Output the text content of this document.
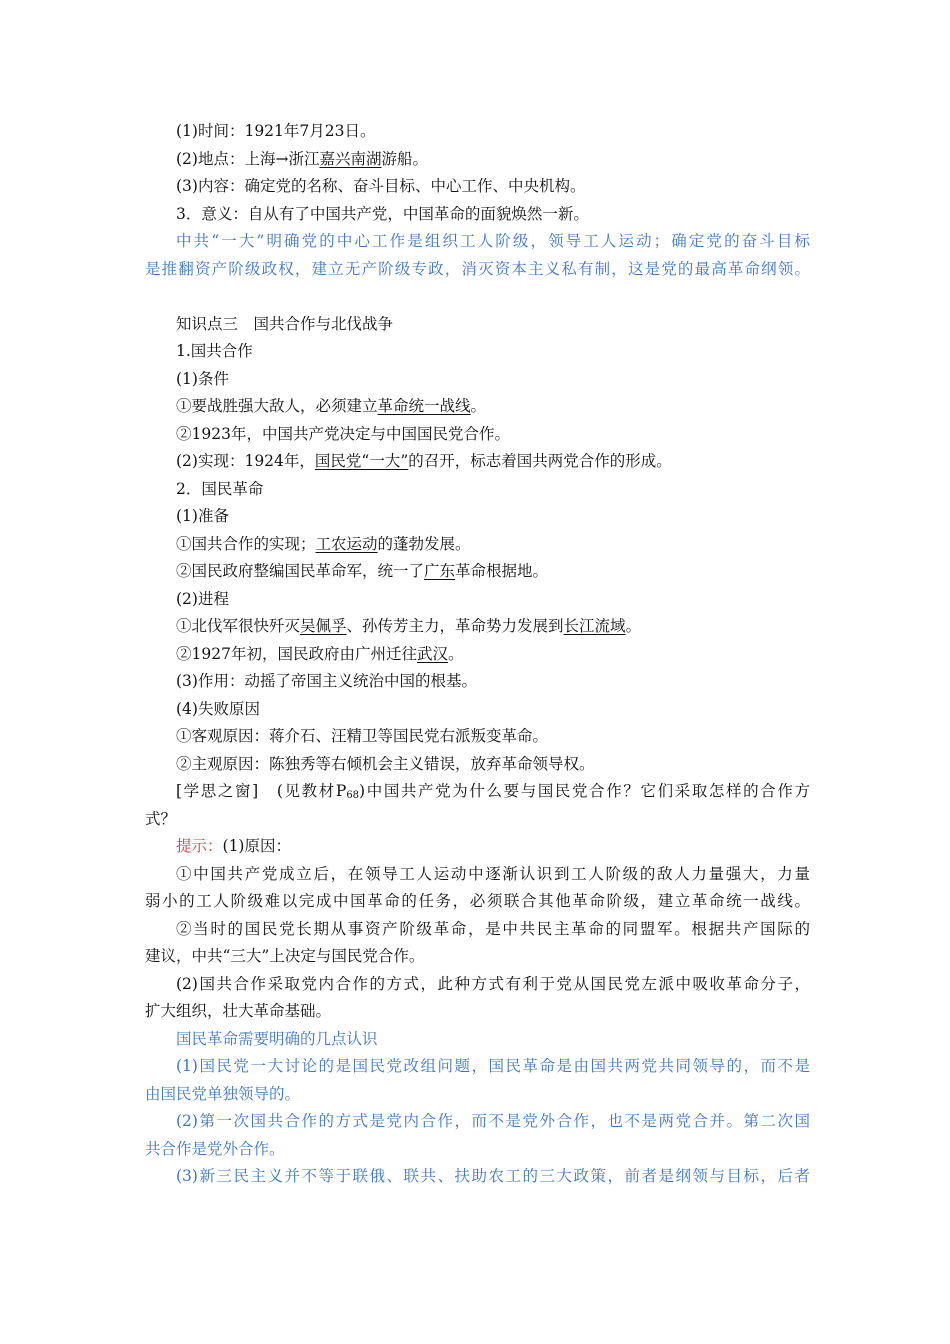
(1)时间：1921年7月23日。
(2)地点：上海→浙江嘉兴南湖游船。
(3)内容：确定党的名称、奋斗目标、中心工作、中央机构。
3．意义：自从有了中国共产党，中国革命的面貌焕然一新。
中共“一大”明确党的中心工作是组织工人阶级，领导工人运动；确定党的奋斗目标
是推翻资产阶级政权，建立无产阶级专政，消灭资本主义私有制，这是党的最高革命纲领。
知识点三　国共合作与北伐战争
1.国共合作
(1)条件
①要战胜强大敌人，必须建立革命统一战线。
②1923年，中国共产党决定与中国国民党合作。
(2)实现：1924年，国民党“一大”的召开，标志着国共两党合作的形成。
2．国民革命
(1)准备
①国共合作的实现；工农运动的蓬勃发展。
②国民政府整编国民革命军，统一了广东革命根据地。
(2)进程
①北伐军很快歼灭吴佩孚、孙传芳主力，革命势力发展到长江流域。
②1927年初，国民政府由广州迁往武汉。
(3)作用：动摇了帝国主义统治中国的根基。
(4)失败原因
①客观原因：蒋介石、汪精卫等国民党右派叛变革命。
②主观原因：陈独秀等右倾机会主义错误，放弃革命领导权。
[学思之窗]　(见教材$P_{68}$)中国共产党为什么要与国民党合作？它们采取怎样的合作方
式？
提示：(1)原因：
①中国共产党成立后，在领导工人运动中逐渐认识到工人阶级的敌人力量强大，力量
弱小的工人阶级难以完成中国革命的任务，必须联合其他革命阶级，建立革命统一战线。
②当时的国民党长期从事资产阶级革命，是中共民主革命的同盟军。根据共产国际的
建议，中共“三大”上决定与国民党合作。
(2)国共合作采取党内合作的方式，此种方式有利于党从国民党左派中吸收革命分子，
扩大组织，壮大革命基础。
国民革命需要明确的几点认识
(1)国民党一大讨论的是国民党改组问题，国民革命是由国共两党共同领导的，而不是
由国民党单独领导的。
(2)第一次国共合作的方式是党内合作，而不是党外合作，也不是两党合并。第二次国
共合作是党外合作。
(3)新三民主义并不等于联俄、联共、扶助农工的三大政策，前者是纲领与目标，后者
